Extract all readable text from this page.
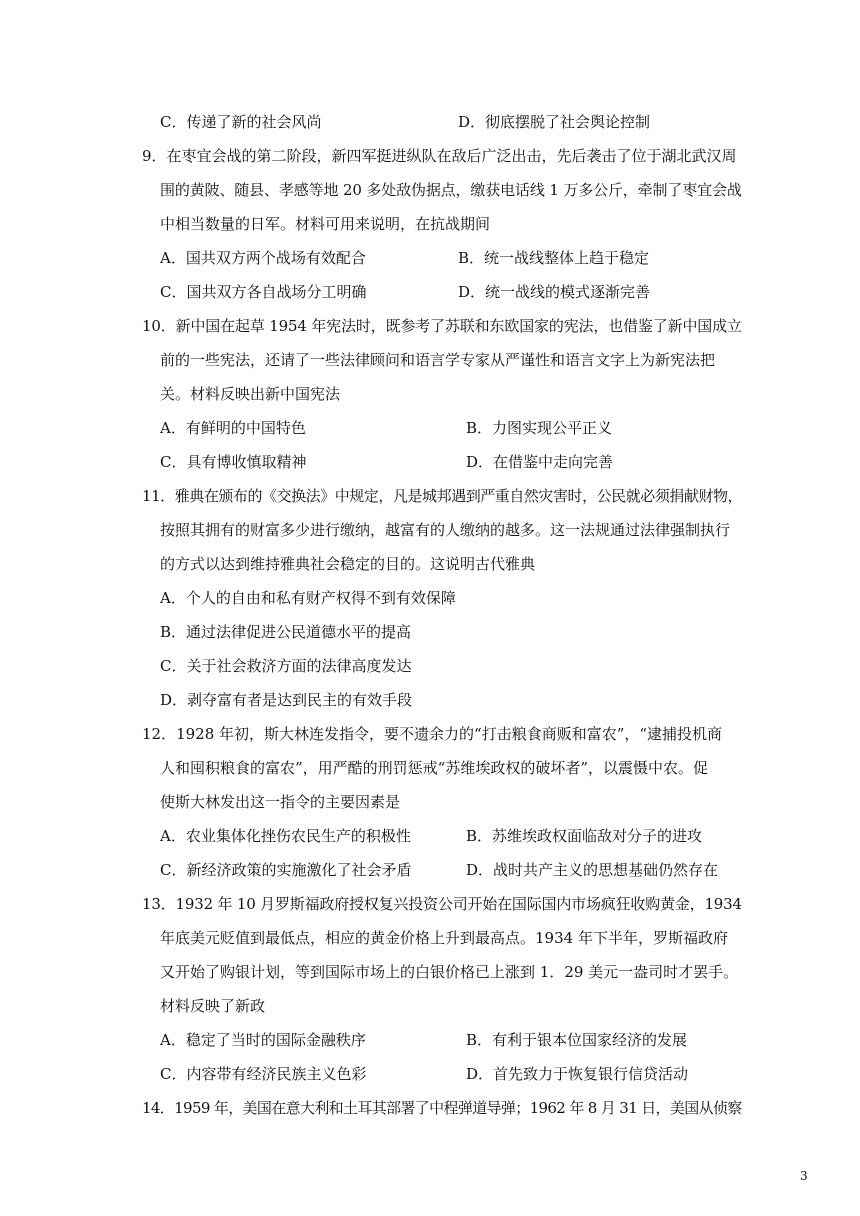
C．传递了新的社会风尚	D．彻底摆脱了社会舆论控制
9．在枣宜会战的第二阶段，新四军挺进纵队在敌后广泛出击，先后袭击了位于湖北武汉周
围的黄陂、随县、孝感等地 20 多处敌伪据点，缴获电话线 1 万多公斤，牵制了枣宜会战
中相当数量的日军。材料可用来说明，在抗战期间
A．国共双方两个战场有效配合	B．统一战线整体上趋于稳定
C．国共双方各自战场分工明确	D．统一战线的模式逐渐完善
10．新中国在起草 1954 年宪法时，既参考了苏联和东欧国家的宪法，也借鉴了新中国成立
前的一些宪法，还请了一些法律顾问和语言学专家从严谨性和语言文字上为新宪法把
关。材料反映出新中国宪法
A．有鲜明的中国特色	B．力图实现公平正义
C．具有博收慎取精神	D．在借鉴中走向完善
11．雅典在颁布的《交换法》中规定，凡是城邦遇到严重自然灾害时，公民就必须捐献财物，
按照其拥有的财富多少进行缴纳，越富有的人缴纳的越多。这一法规通过法律强制执行
的方式以达到维持雅典社会稳定的目的。这说明古代雅典
A．个人的自由和私有财产权得不到有效保障
B．通过法律促进公民道德水平的提高
C．关于社会救济方面的法律高度发达
D．剥夺富有者是达到民主的有效手段
12．1928 年初，斯大林连发指令，要不遗余力的“打击粮食商贩和富农”，“逮捕投机商
人和囤积粮食的富农”，用严酷的刑罚惩戒“苏维埃政权的破坏者”，以震慑中农。促
使斯大林发出这一指令的主要因素是
A．农业集体化挫伤农民生产的积极性	B．苏维埃政权面临敌对分子的进攻
C．新经济政策的实施激化了社会矛盾	D．战时共产主义的思想基础仍然存在
13．1932 年 10 月罗斯福政府授权复兴投资公司开始在国际国内市场疯狂收购黄金，1934
年底美元贬值到最低点，相应的黄金价格上升到最高点。1934 年下半年，罗斯福政府
又开始了购银计划，等到国际市场上的白银价格已上涨到 1．29 美元一盎司时才罢手。
材料反映了新政
A．稳定了当时的国际金融秩序	B．有利于银本位国家经济的发展
C．内容带有经济民族主义色彩	D．首先致力于恢复银行信贷活动
14．1959 年，美国在意大利和土耳其部署了中程弹道导弹；1962 年 8 月 31 日，美国从侦察
3
